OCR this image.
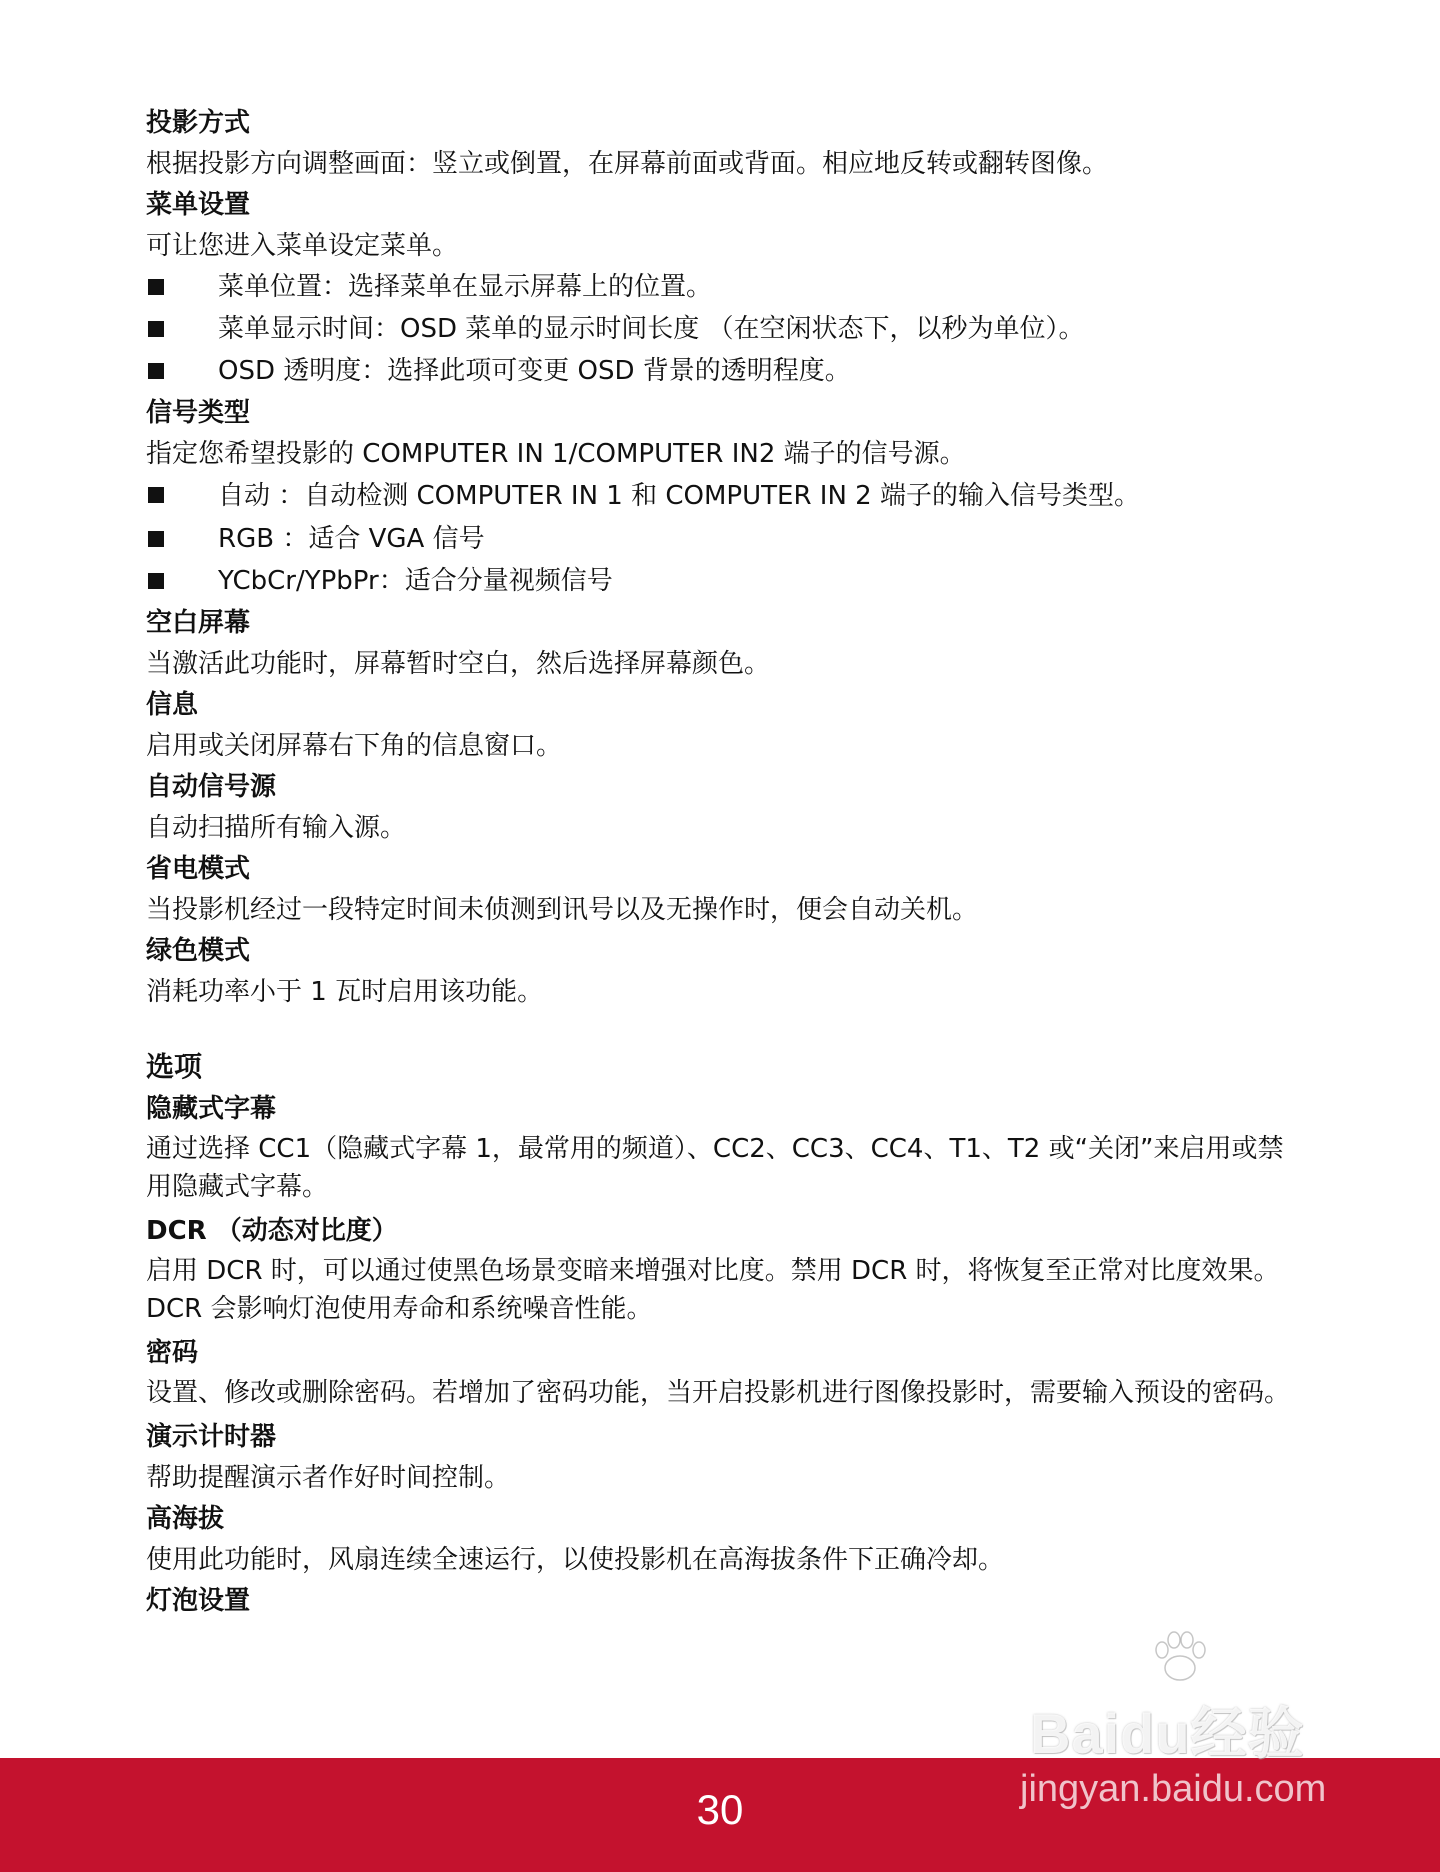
投影方式
根据投影方向调整画面：竖立或倒置，在屏幕前面或背面。相应地反转或翻转图像。
菜单设置
可让您进入菜单设定菜单。
菜单位置：选择菜单在显示屏幕上的位置。
菜单显示时间：OSD 菜单的显示时间长度 （在空闲状态下，以秒为单位）。
OSD 透明度：选择此项可变更 OSD 背景的透明程度。
信号类型
指定您希望投影的 COMPUTER IN 1/COMPUTER IN2 端子的信号源。
自动 ：自动检测 COMPUTER IN 1 和 COMPUTER IN 2 端子的输入信号类型。
RGB ：适合 VGA 信号
YCbCr/YPbPr：适合分量视频信号
空白屏幕
当激活此功能时，屏幕暂时空白，然后选择屏幕颜色。
信息
启用或关闭屏幕右下角的信息窗口。
自动信号源
自动扫描所有输入源。
省电模式
当投影机经过一段特定时间未侦测到讯号以及无操作时，便会自动关机。
绿色模式
消耗功率小于 1 瓦时启用该功能。
选项
隐藏式字幕
通过选择 CC1（隐藏式字幕 1，最常用的频道）、CC2、CC3、CC4、T1、T2 或“关闭”来启用或禁用隐藏式字幕。
DCR （动态对比度）
启用 DCR 时，可以通过使黑色场景变暗来增强对比度。禁用 DCR 时，将恢复至正常对比度效果。 DCR 会影响灯泡使用寿命和系统噪音性能。
密码
设置、修改或删除密码。若增加了密码功能，当开启投影机进行图像投影时，需要输入预设的密码。
演示计时器
帮助提醒演示者作好时间控制。
高海拔
使用此功能时，风扇连续全速运行，以使投影机在高海拔条件下正确冷却。
灯泡设置
30
Baidu经验
jingyan.baidu.com
